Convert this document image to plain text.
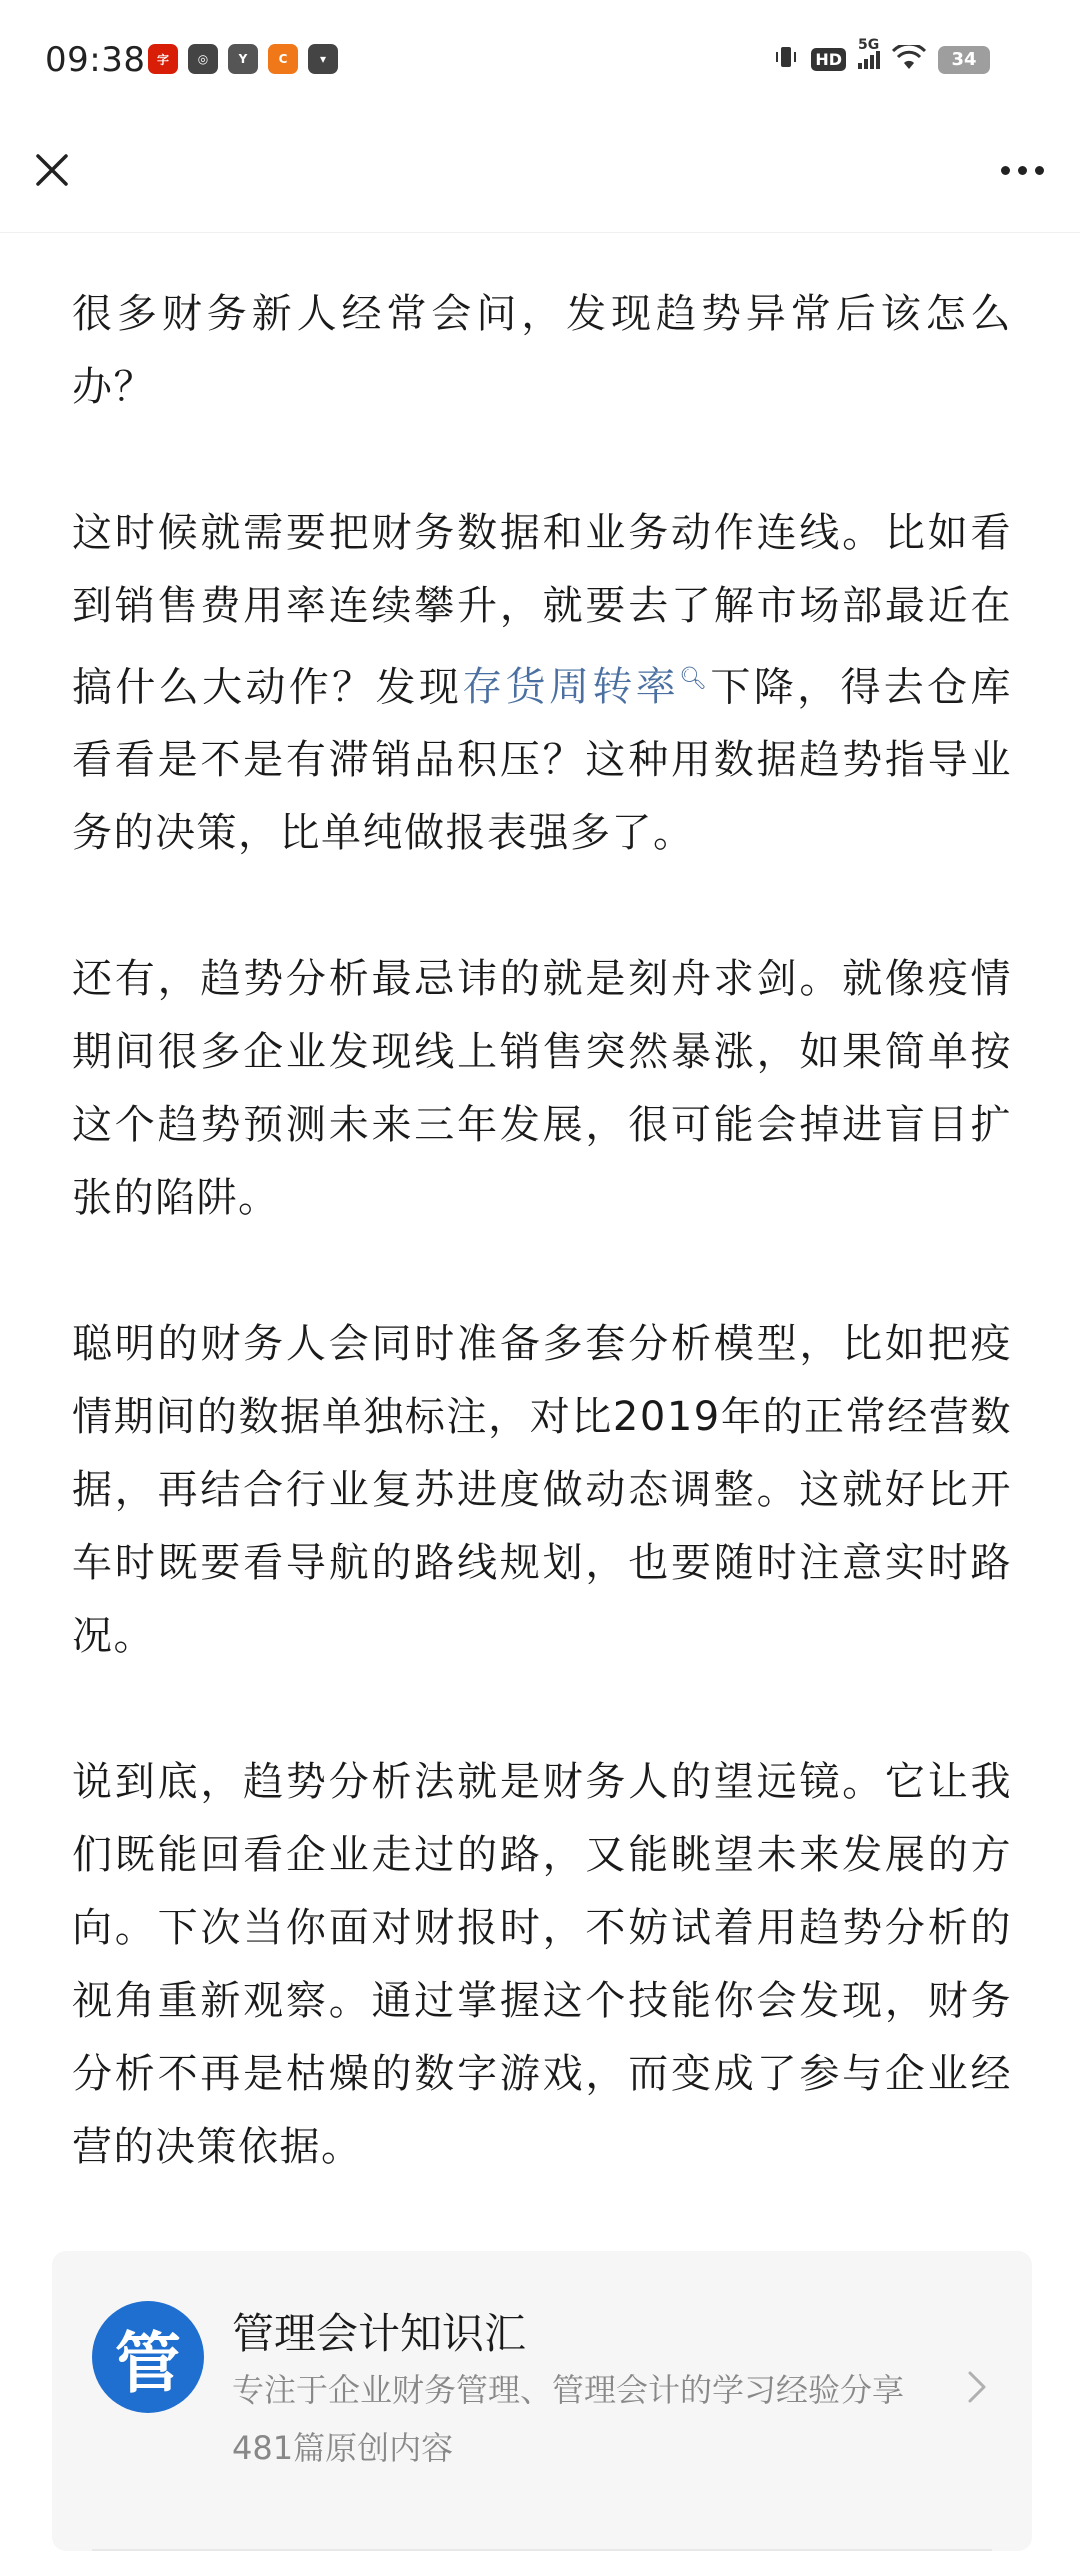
09:38 字	◎	Y	C	▾	HD
5G
34

很多财务新人经常会问，发现趋势异常后该怎么办？

这时候就需要把财务数据和业务动作连线。比如看到销售费用率连续攀升，就要去了解市场部最近在搞什么大动作？发现存货周转率🔍︎下降，得去仓库看看是不是有滞销品积压？这种用数据趋势指导业务的决策，比单纯做报表强多了。

还有，趋势分析最忌讳的就是刻舟求剑。就像疫情期间很多企业发现线上销售突然暴涨，如果简单按这个趋势预测未来三年发展，很可能会掉进盲目扩张的陷阱。

聪明的财务人会同时准备多套分析模型，比如把疫情期间的数据单独标注，对比2019年的正常经营数据，再结合行业复苏进度做动态调整。这就好比开车时既要看导航的路线规划，也要随时注意实时路况。

说到底，趋势分析法就是财务人的望远镜。它让我们既能回看企业走过的路，又能眺望未来发展的方向。下次当你面对财报时，不妨试着用趋势分析的视角重新观察。通过掌握这个技能你会发现，财务分析不再是枯燥的数字游戏，而变成了参与企业经营的决策依据。

管 管理会计知识汇
专注于企业财务管理、管理会计的学习经验分享
481篇原创内容
